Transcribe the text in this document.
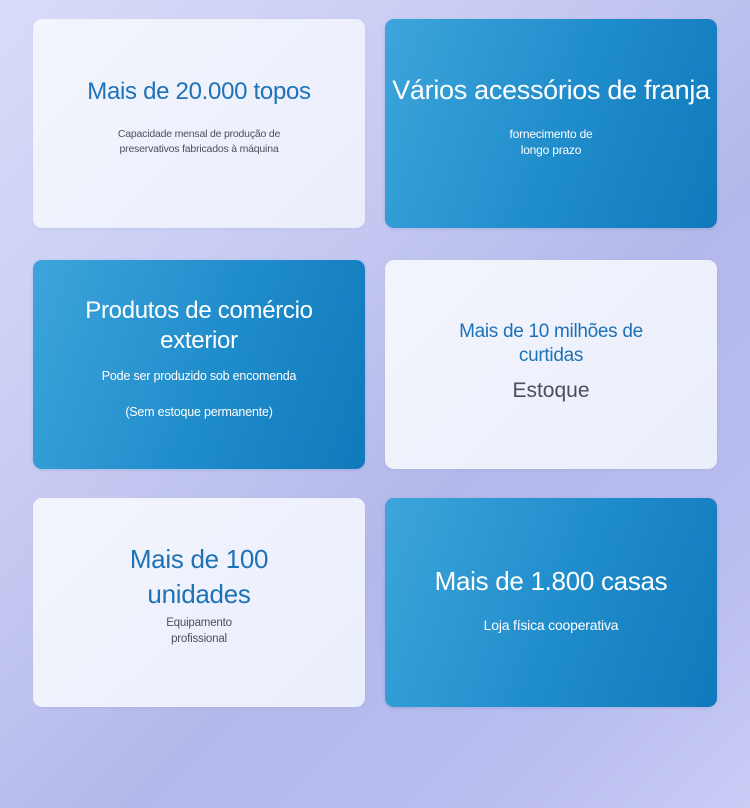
Mais de 20.000 topos
Capacidade mensal de produção de preservativos fabricados à máquina
Vários acessórios de franja
fornecimento de longo prazo
Produtos de comércio exterior
Pode ser produzido sob encomenda
(Sem estoque permanente)
Mais de 10 milhões de curtidas
Estoque
Mais de 100 unidades
Equipamento profissional
Mais de 1.800 casas
Loja física cooperativa
